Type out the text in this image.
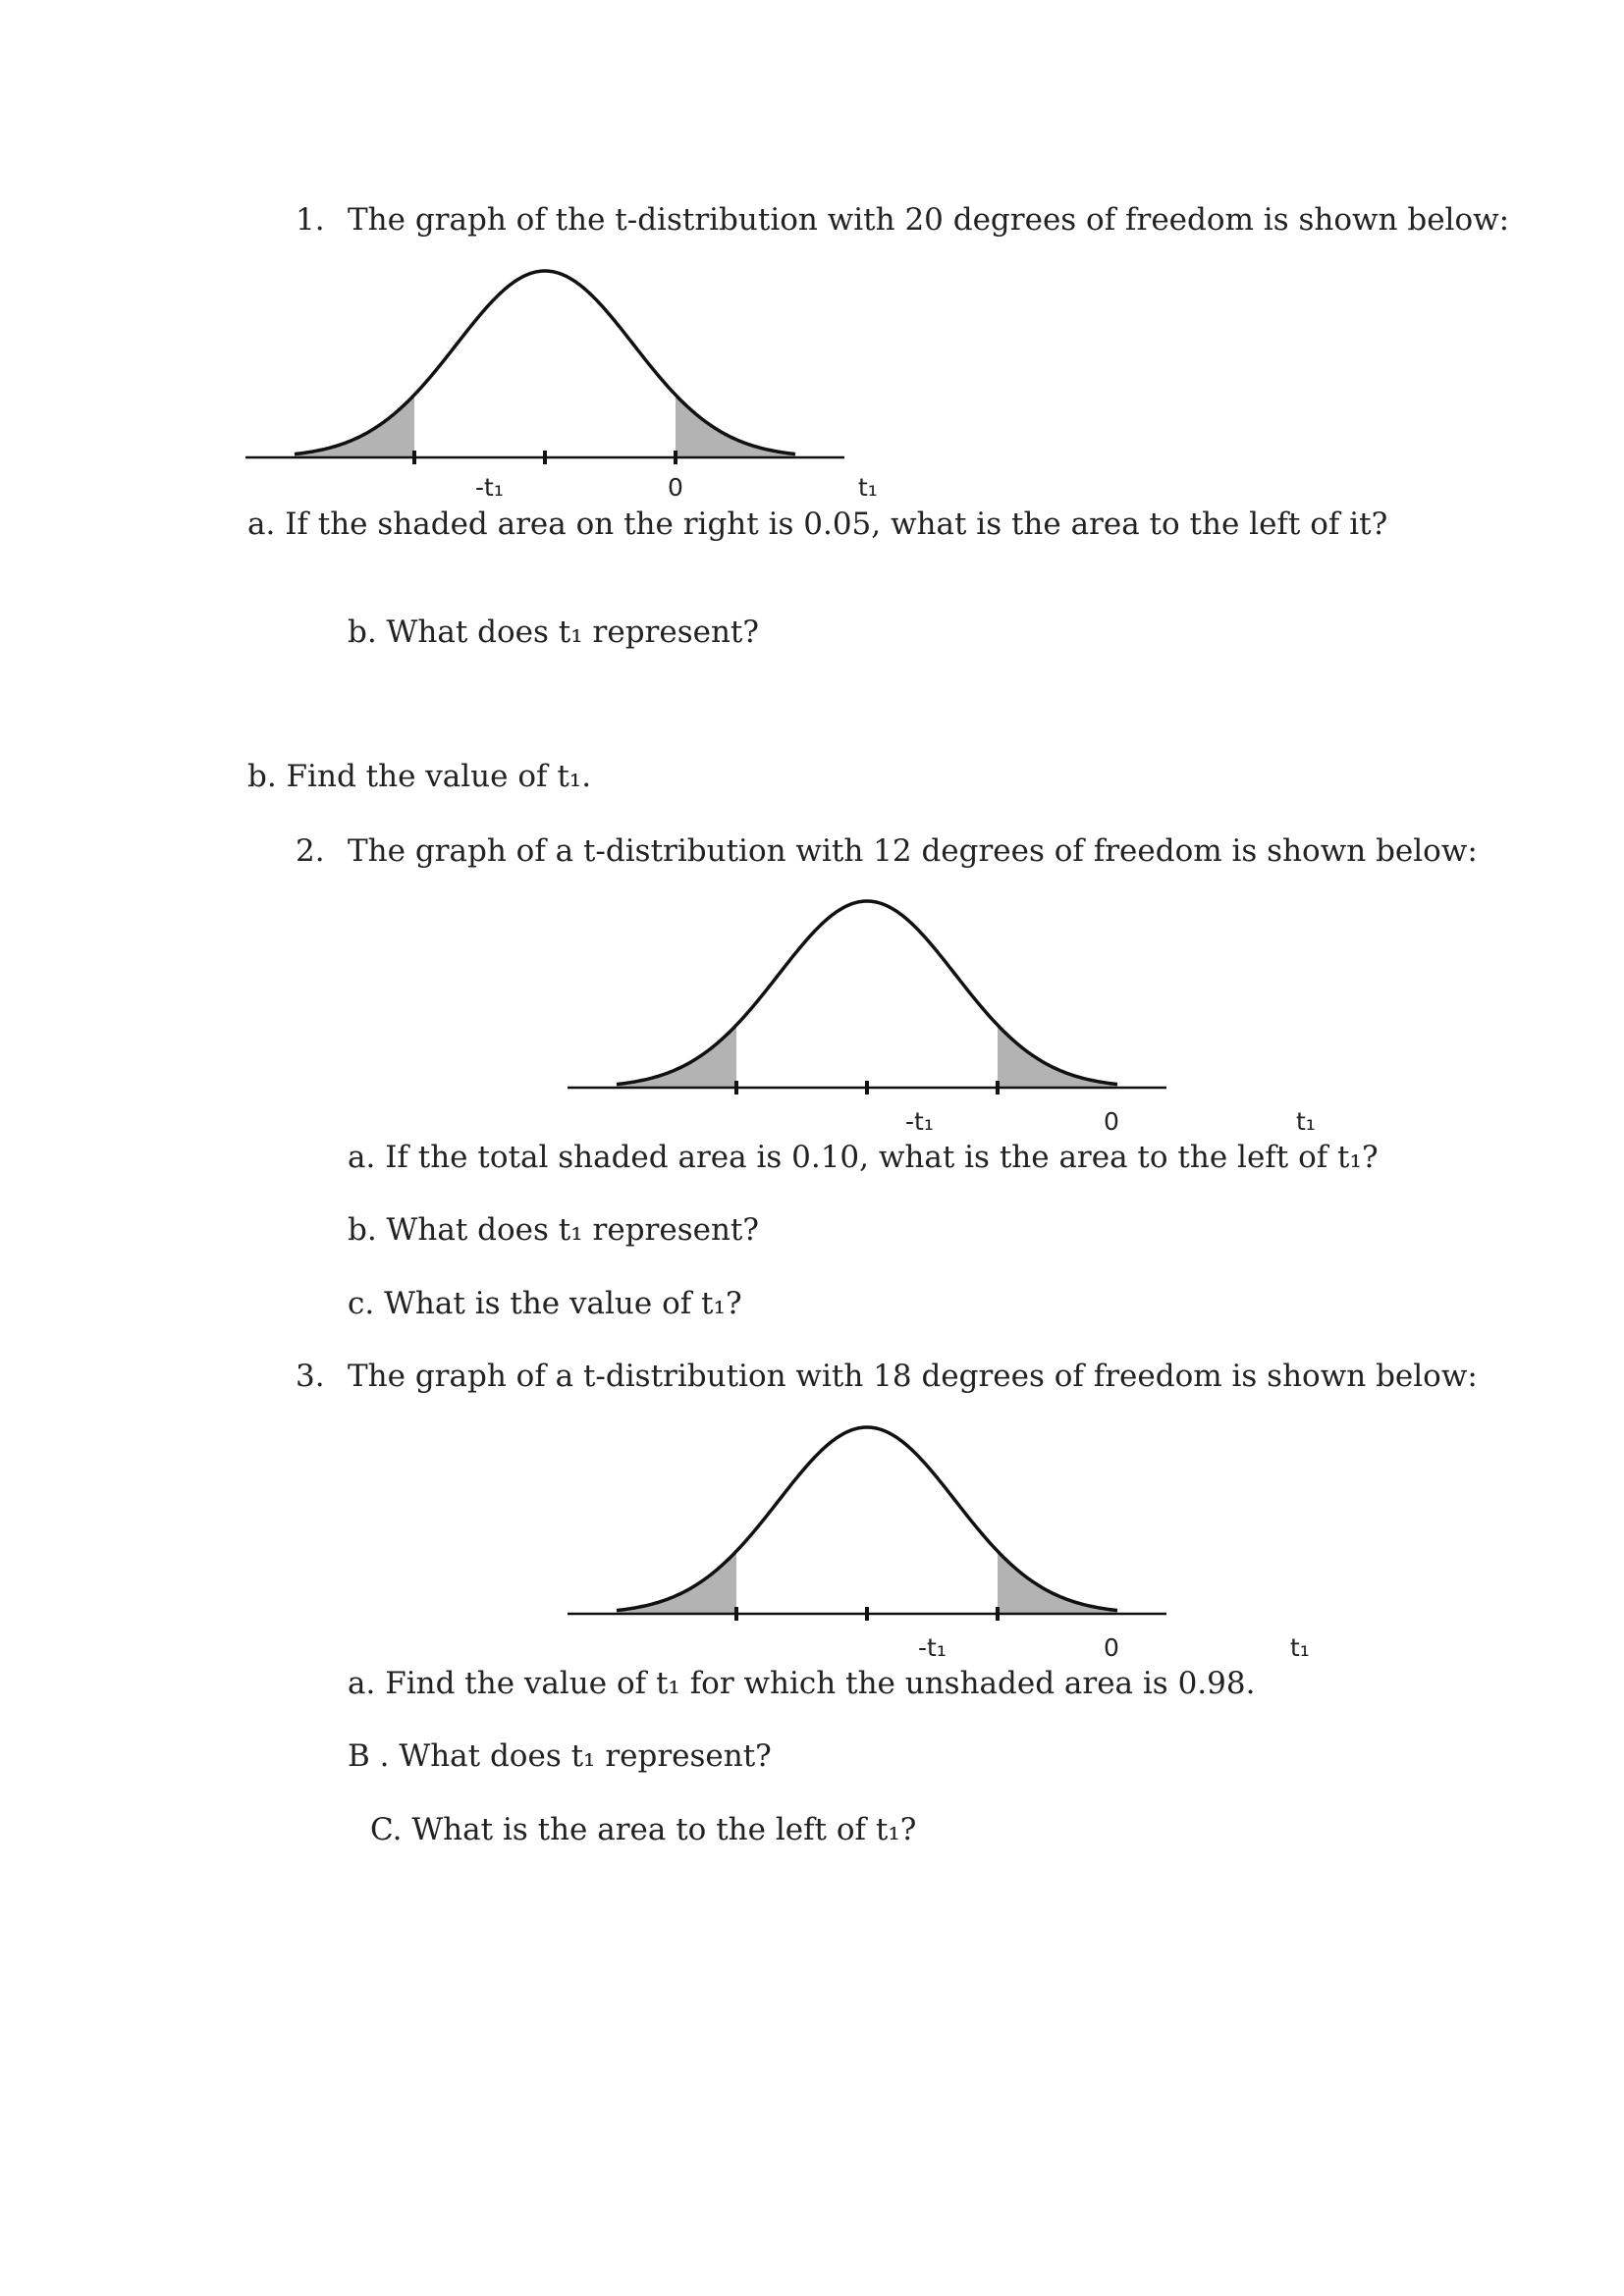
1. The graph of the t-distribution with 20 degrees of freedom is shown below:
-t₁	0	t₁
a. If the shaded area on the right is 0.05, what is the area to the left of it?
b. What does t₁ represent?
b. Find the value of t₁.
2. The graph of a t-distribution with 12 degrees of freedom is shown below:
-t₁	0	t₁
a. If the total shaded area is 0.10, what is the area to the left of t₁?
b. What does t₁ represent?
c. What is the value of t₁?
3. The graph of a t-distribution with 18 degrees of freedom is shown below:
-t₁	0	t₁
a. Find the value of t₁ for which the unshaded area is 0.98.
B . What does t₁ represent?
C. What is the area to the left of t₁?
